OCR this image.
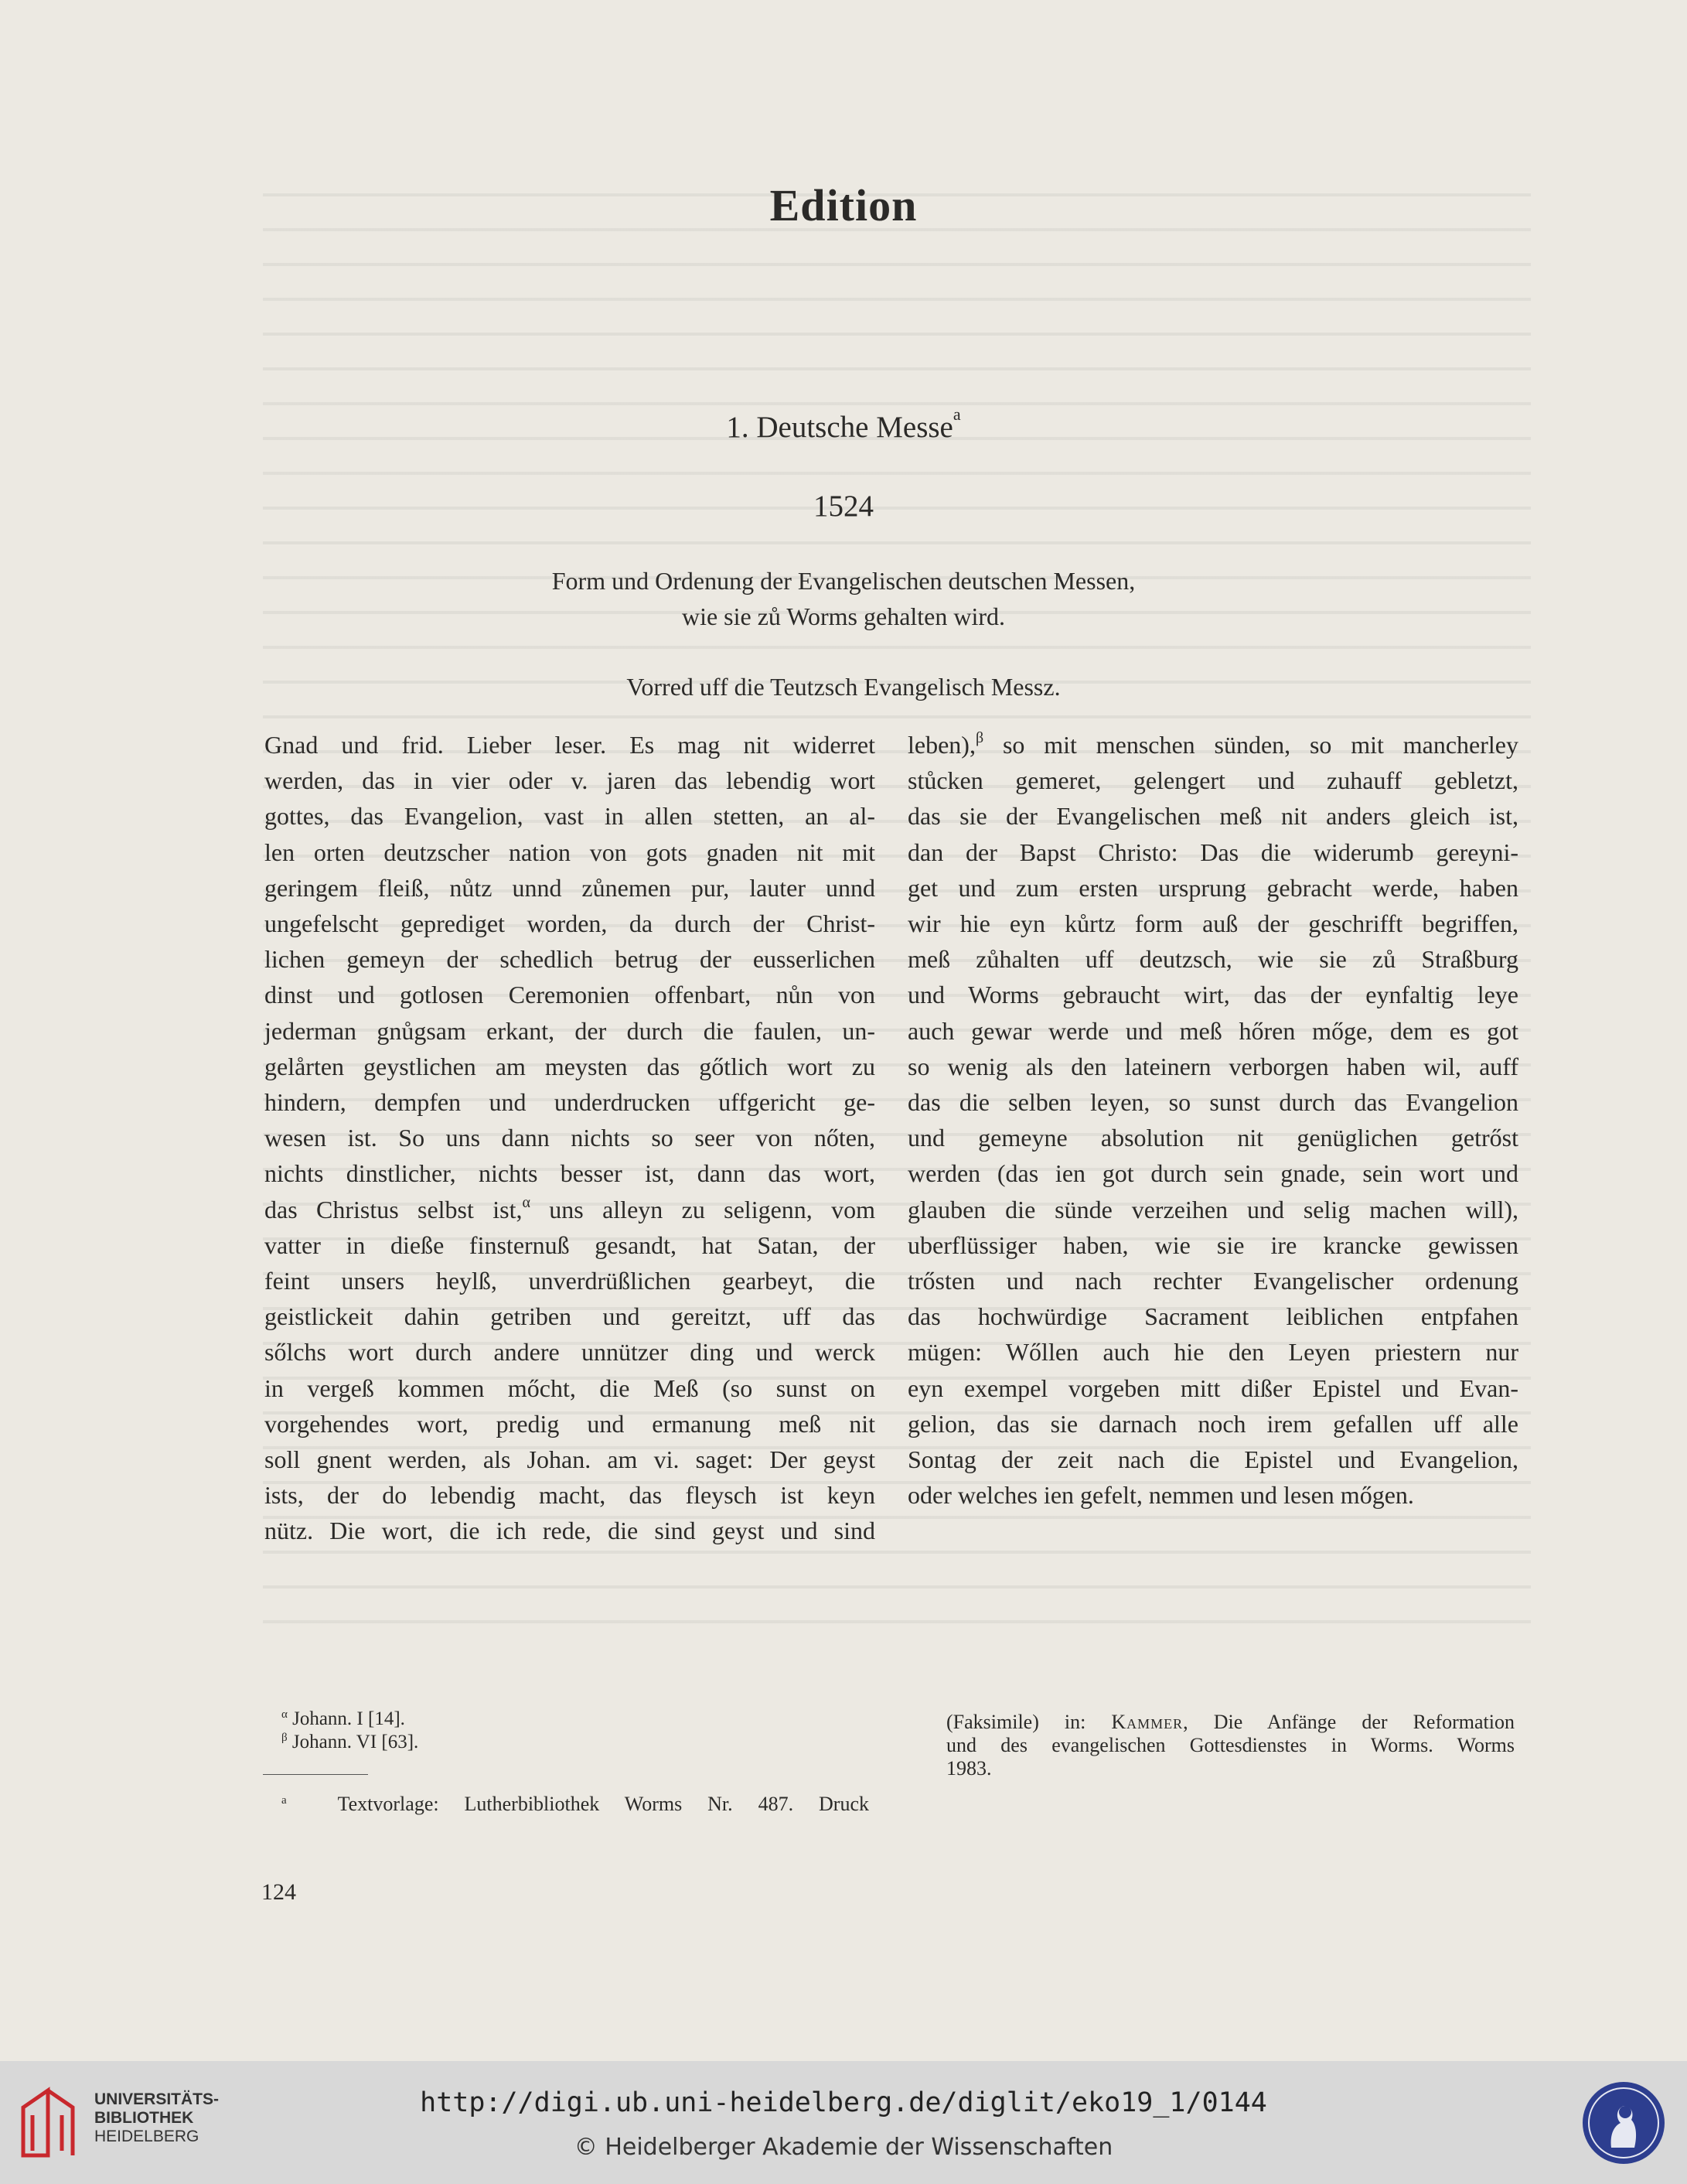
Edition
1. Deutsche Messe$^a$
1524
Form und Ordenung der Evangelischen deutschen Messen,
wie sie zů Worms gehalten wird.
Vorred uff die Teutzsch Evangelisch Messz.
Gnad und frid. Lieber leser. Es mag nit widerret
werden, das in vier oder v. jaren das lebendig wort
gottes, das Evangelion, vast in allen stetten, an al-
len orten deutzscher nation von gots gnaden nit mit
geringem fleiß, nůtz unnd zůnemen pur, lauter unnd
ungefelscht geprediget worden, da durch der Christ-
lichen gemeyn der schedlich betrug der eusserlichen
dinst und gotlosen Ceremonien offenbart, nůn von
jederman gnůgsam erkant, der durch die faulen, un-
gelårten geystlichen am meysten das gőtlich wort zu
hindern, dempfen und underdrucken uffgericht ge-
wesen ist. So uns dann nichts so seer von nőten,
nichts dinstlicher, nichts besser ist, dann das wort,
das Christus selbst ist,$^\alpha$ uns alleyn zu seligenn, vom
vatter in dieße finsternuß gesandt, hat Satan, der
feint unsers heylß, unverdrüßlichen gearbeyt, die
geistlickeit dahin getriben und gereitzt, uff das
sőlchs wort durch andere unnützer ding und werck
in vergeß kommen mőcht, die Meß (so sunst on
vorgehendes wort, predig und ermanung meß nit
soll gnent werden, als Johan. am vi. saget: Der geyst
ists, der do lebendig macht, das fleysch ist keyn
nütz. Die wort, die ich rede, die sind geyst und sind
leben),$^\beta$ so mit menschen sünden, so mit mancherley
stůcken gemeret, gelengert und zuhauff gebletzt,
das sie der Evangelischen meß nit anders gleich ist,
dan der Bapst Christo: Das die widerumb gereyni-
get und zum ersten ursprung gebracht werde, haben
wir hie eyn kůrtz form auß der geschrifft begriffen,
meß zůhalten uff deutzsch, wie sie zů Straßburg
und Worms gebraucht wirt, das der eynfaltig leye
auch gewar werde und meß hőren mőge, dem es got
so wenig als den lateinern verborgen haben wil, auff
das die selben leyen, so sunst durch das Evangelion
und gemeyne absolution nit genüglichen getrőst
werden (das ien got durch sein gnade, sein wort und
glauben die sünde verzeihen und selig machen will),
uberflüssiger haben, wie sie ire krancke gewissen
trősten und nach rechter Evangelischer ordenung
das hochwürdige Sacrament leiblichen entpfahen
mügen: Wőllen auch hie den Leyen priestern nur
eyn exempel vorgeben mitt dißer Epistel und Evan-
gelion, das sie darnach noch irem gefallen uff alle
Sontag der zeit nach die Epistel und Evangelion,
oder welches ien gefelt, nemmen und lesen mőgen.
$^\alpha$ Johann. I [14].
$^\beta$ Johann. VI [63].
$^a$	Textvorlage: Lutherbibliothek Worms Nr. 487. Druck
(Faksimile) in: Kammer, Die Anfänge der Reformation
und des evangelischen Gottesdienstes in Worms. Worms
1983.
124
UNIVERSITÄTS-
BIBLIOTHEK
HEIDELBERG
http://digi.ub.uni-heidelberg.de/diglit/eko19_1/0144
© Heidelberger Akademie der Wissenschaften
